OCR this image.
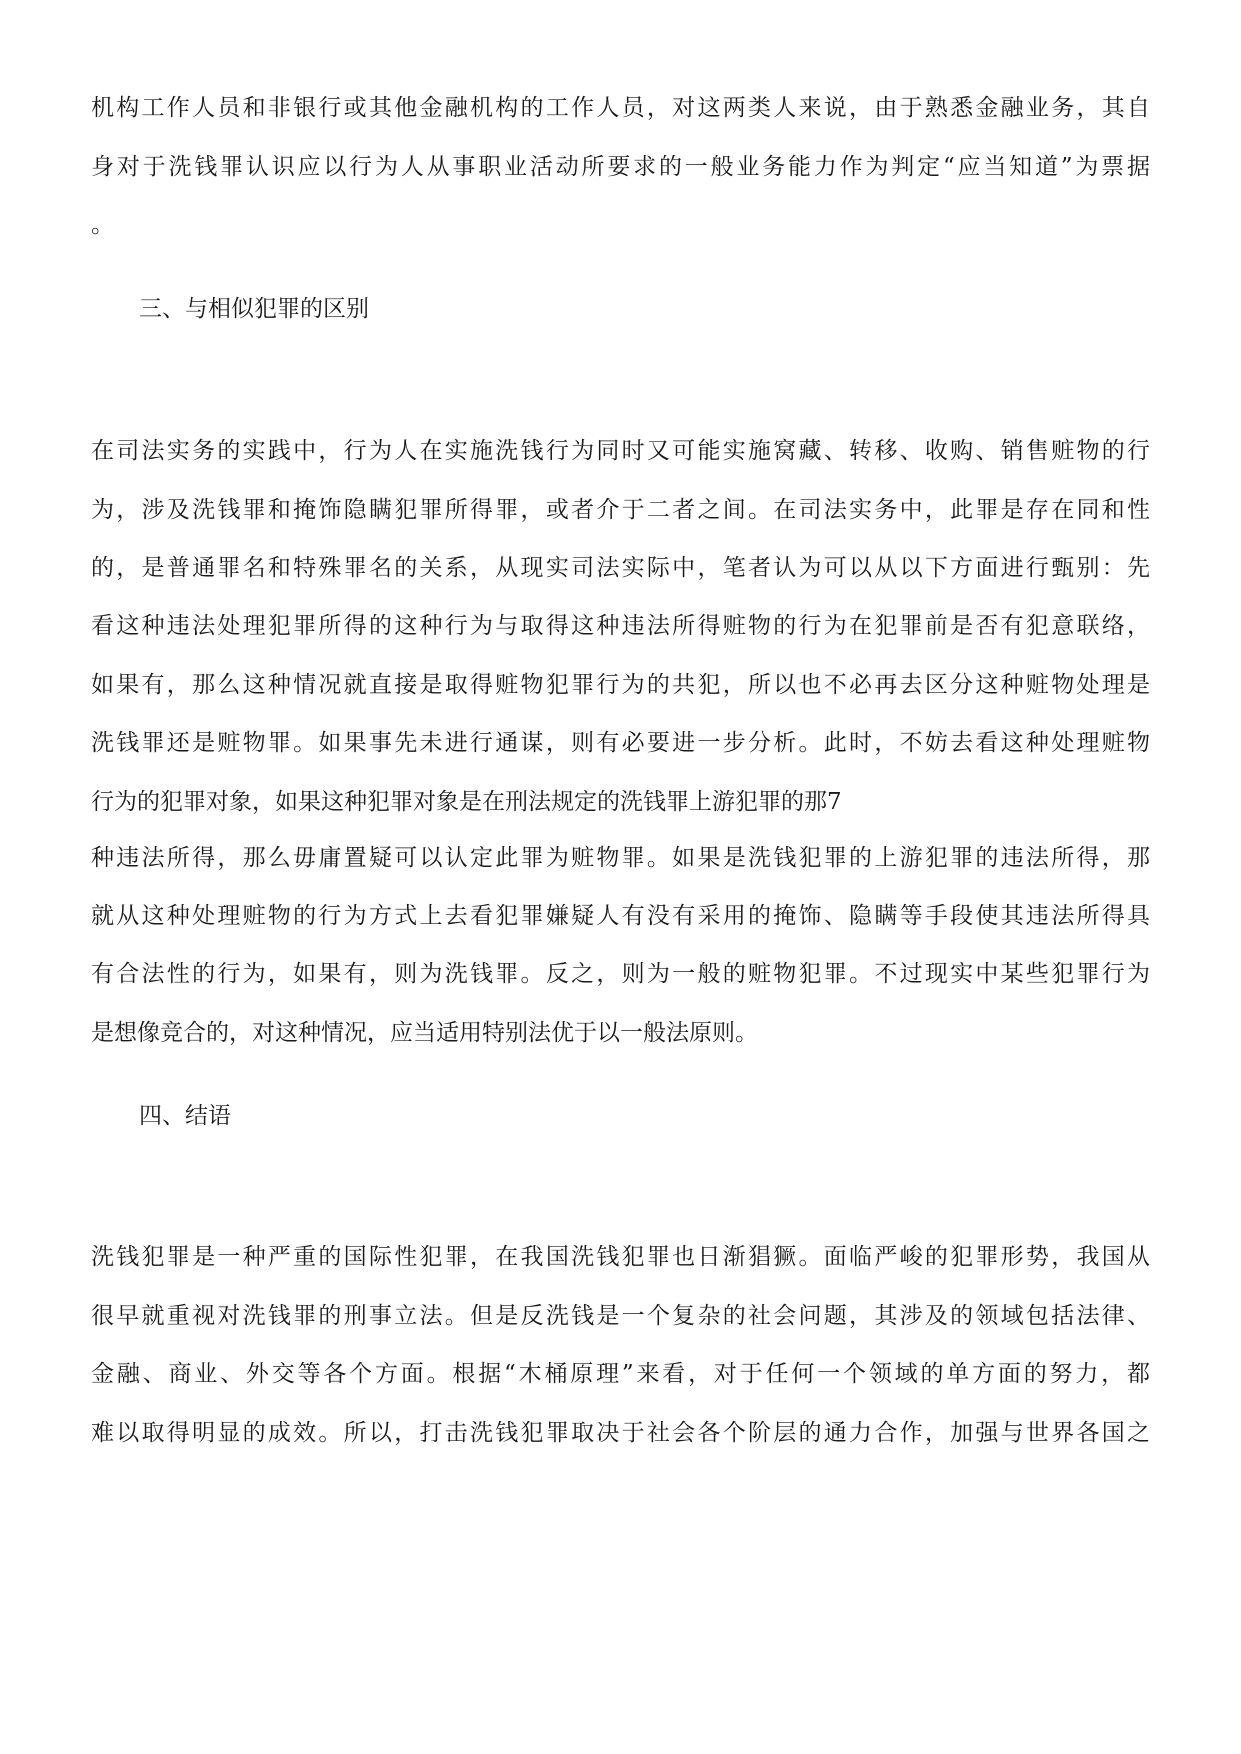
机构工作人员和非银行或其他金融机构的工作人员，对这两类人来说，由于熟悉金融业务，其自
身对于洗钱罪认识应以行为人从事职业活动所要求的一般业务能力作为判定“应当知道”为票据
。
三、与相似犯罪的区别
在司法实务的实践中，行为人在实施洗钱行为同时又可能实施窝藏、转移、收购、销售赃物的行
为，涉及洗钱罪和掩饰隐瞒犯罪所得罪，或者介于二者之间。在司法实务中，此罪是存在同和性
的，是普通罪名和特殊罪名的关系，从现实司法实际中，笔者认为可以从以下方面进行甄别：先
看这种违法处理犯罪所得的这种行为与取得这种违法所得赃物的行为在犯罪前是否有犯意联络，
如果有，那么这种情况就直接是取得赃物犯罪行为的共犯，所以也不必再去区分这种赃物处理是
洗钱罪还是赃物罪。如果事先未进行通谋，则有必要进一步分析。此时，不妨去看这种处理赃物
行为的犯罪对象，如果这种犯罪对象是在刑法规定的洗钱罪上游犯罪的那7
种违法所得，那么毋庸置疑可以认定此罪为赃物罪。如果是洗钱犯罪的上游犯罪的违法所得，那
就从这种处理赃物的行为方式上去看犯罪嫌疑人有没有采用的掩饰、隐瞒等手段使其违法所得具
有合法性的行为，如果有，则为洗钱罪。反之，则为一般的赃物犯罪。不过现实中某些犯罪行为
是想像竞合的，对这种情况，应当适用特别法优于以一般法原则。
四、结语
洗钱犯罪是一种严重的国际性犯罪，在我国洗钱犯罪也日渐猖獗。面临严峻的犯罪形势，我国从
很早就重视对洗钱罪的刑事立法。但是反洗钱是一个复杂的社会问题，其涉及的领域包括法律、
金融、商业、外交等各个方面。根据“木桶原理”来看，对于任何一个领域的单方面的努力，都
难以取得明显的成效。所以，打击洗钱犯罪取决于社会各个阶层的通力合作，加强与世界各国之
